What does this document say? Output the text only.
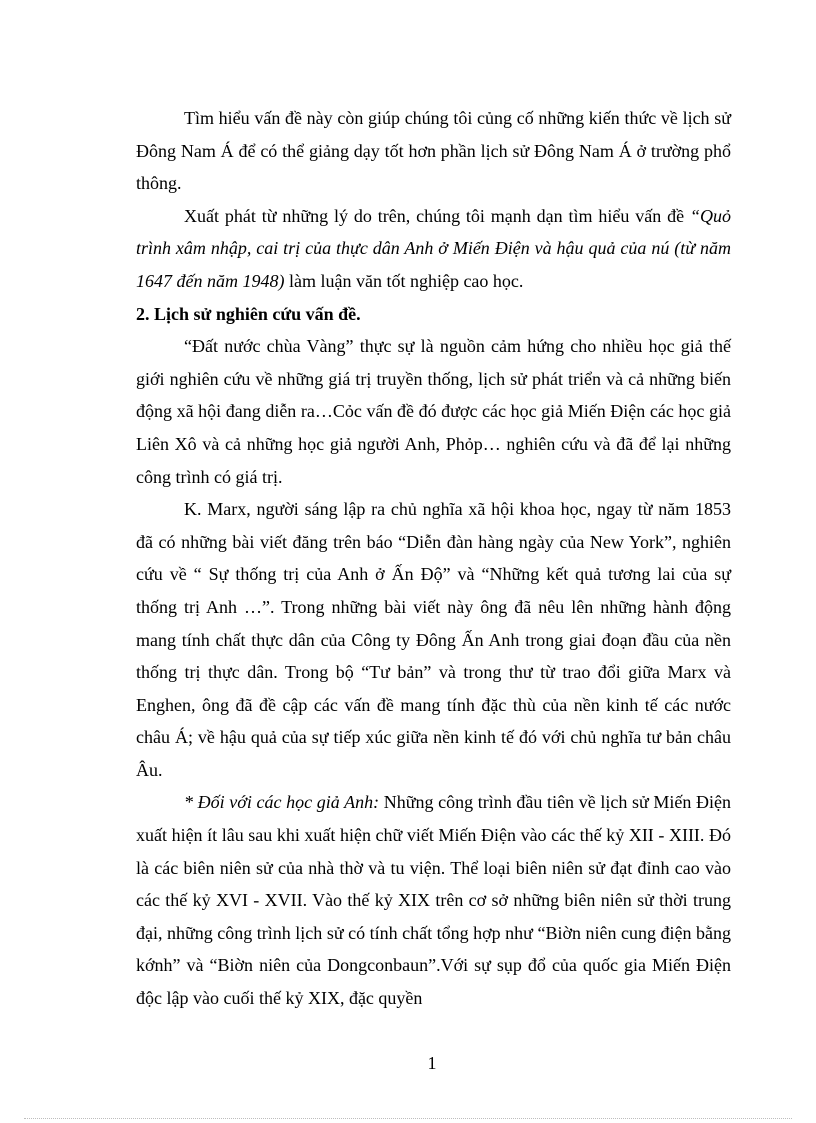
Tìm hiểu vấn đề này còn giúp chúng tôi củng cố những kiến thức về lịch sử Đông Nam Á để có thể giảng dạy tốt hơn phần lịch sử Đông Nam Á ở trường phổ thông.

Xuất phát từ những lý do trên, chúng tôi mạnh dạn tìm hiểu vấn đề “Quỏ trình xâm nhập, cai trị của thực dân Anh ở Miến Điện và hậu quả của nú (từ năm 1647 đến năm 1948) làm luận văn tốt nghiệp cao học.

2. Lịch sử nghiên cứu vấn đề.

“Đất nước chùa Vàng” thực sự là nguồn cảm hứng cho nhiều học giả thế giới nghiên cứu về những giá trị truyền thống, lịch sử phát triển và cả những biến động xã hội đang diễn ra…Cỏc vấn đề đó được các học giả Miến Điện các học giả Liên Xô và cả những học giả người Anh, Phỏp… nghiên cứu và đã để lại những công trình có giá trị.

K. Marx, người sáng lập ra chủ nghĩa xã hội khoa học, ngay từ năm 1853 đã có những bài viết đăng trên báo “Diễn đàn hàng ngày của New York”, nghiên cứu về “ Sự thống trị của Anh ở Ấn Độ” và “Những kết quả tương lai của sự thống trị Anh …”. Trong những bài viết này ông đã nêu lên những hành động mang tính chất thực dân của Công ty Đông Ấn Anh trong giai đoạn đầu của nền thống trị thực dân. Trong bộ “Tư bản” và trong thư từ trao đổi giữa Marx và Enghen, ông đã đề cập các vấn đề mang tính đặc thù của nền kinh tế các nước châu Á; về hậu quả của sự tiếp xúc giữa nền kinh tế đó với chủ nghĩa tư bản châu Âu.

* Đối với các học giả Anh: Những công trình đầu tiên về lịch sử Miến Điện xuất hiện ít lâu sau khi xuất hiện chữ viết Miến Điện vào các thế kỷ XII - XIII. Đó là các biên niên sử của nhà thờ và tu viện. Thể loại biên niên sử đạt đỉnh cao vào các thế kỷ XVI - XVII. Vào thế kỷ XIX trên cơ sở những biên niên sử thời trung đại, những công trình lịch sử có tính chất tổng hợp như “Biờn niên cung điện bằng kớnh” và “Biờn niên của Dongconbaun”.Với sự sụp đổ của quốc gia Miến Điện độc lập vào cuối thế kỷ XIX, đặc quyền

1
